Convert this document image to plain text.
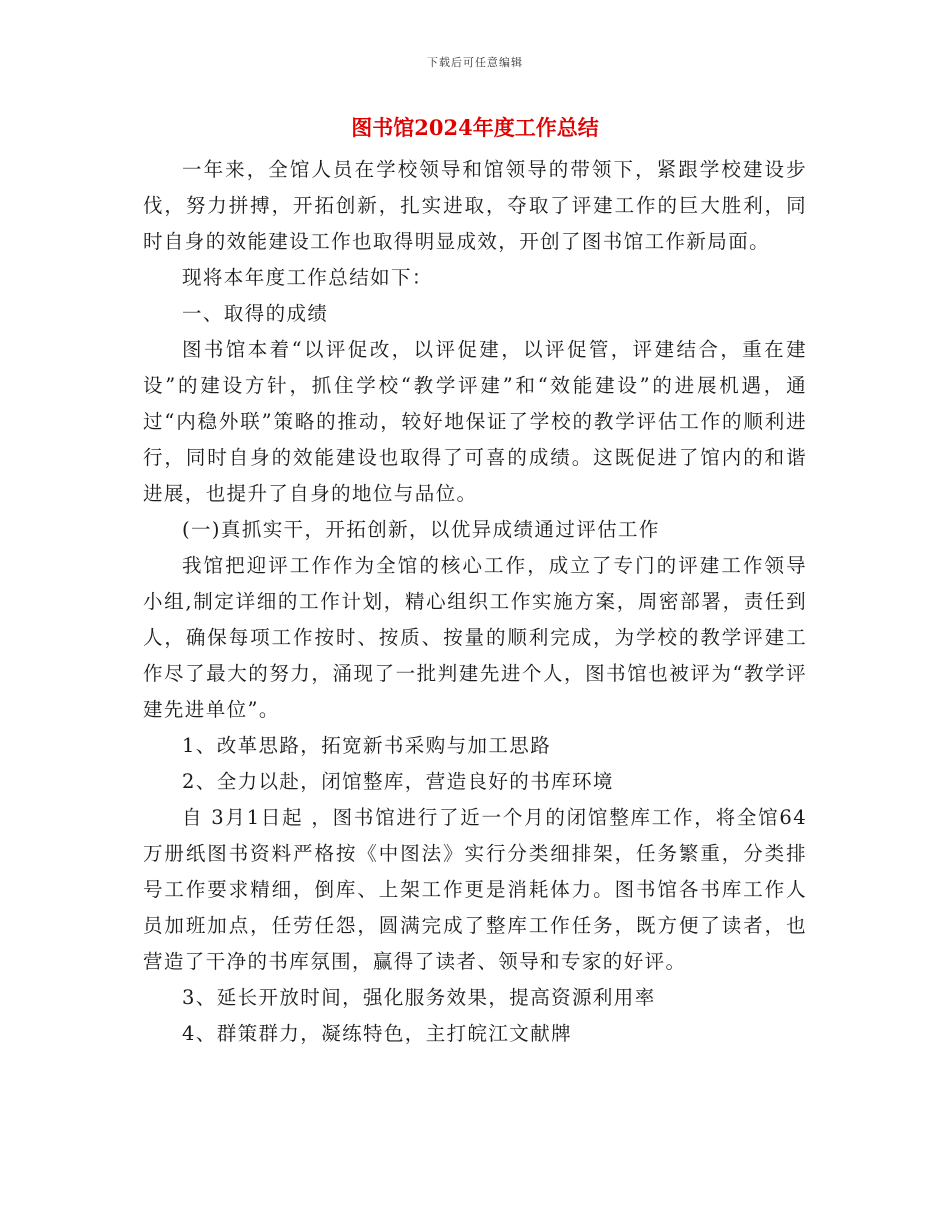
下载后可任意编辑
图书馆2024年度工作总结

一年来，全馆人员在学校领导和馆领导的带领下，紧跟学校建设步伐，努力拼搏，开拓创新，扎实进取，夺取了评建工作的巨大胜利，同时自身的效能建设工作也取得明显成效，开创了图书馆工作新局面。

现将本年度工作总结如下：

一、取得的成绩

图书馆本着“以评促改，以评促建，以评促管，评建结合，重在建设”的建设方针，抓住学校“教学评建”和“效能建设”的进展机遇，通过“内稳外联”策略的推动，较好地保证了学校的教学评估工作的顺利进行，同时自身的效能建设也取得了可喜的成绩。这既促进了馆内的和谐进展，也提升了自身的地位与品位。

(一)真抓实干，开拓创新，以优异成绩通过评估工作

我馆把迎评工作作为全馆的核心工作，成立了专门的评建工作领导小组,制定详细的工作计划，精心组织工作实施方案，周密部署，责任到人，确保每项工作按时、按质、按量的顺利完成，为学校的教学评建工作尽了最大的努力，涌现了一批判建先进个人，图书馆也被评为“教学评建先进单位”。

1、改革思路，拓宽新书采购与加工思路

2、全力以赴，闭馆整库，营造良好的书库环境

自 3月1日起 ，图书馆进行了近一个月的闭馆整库工作，将全馆64万册纸图书资料严格按《中图法》实行分类细排架，任务繁重，分类排号工作要求精细，倒库、上架工作更是消耗体力。图书馆各书库工作人员加班加点，任劳任怨，圆满完成了整库工作任务，既方便了读者，也营造了干净的书库氛围，赢得了读者、领导和专家的好评。

3、延长开放时间，强化服务效果，提高资源利用率

4、群策群力，凝练特色，主打皖江文献牌
